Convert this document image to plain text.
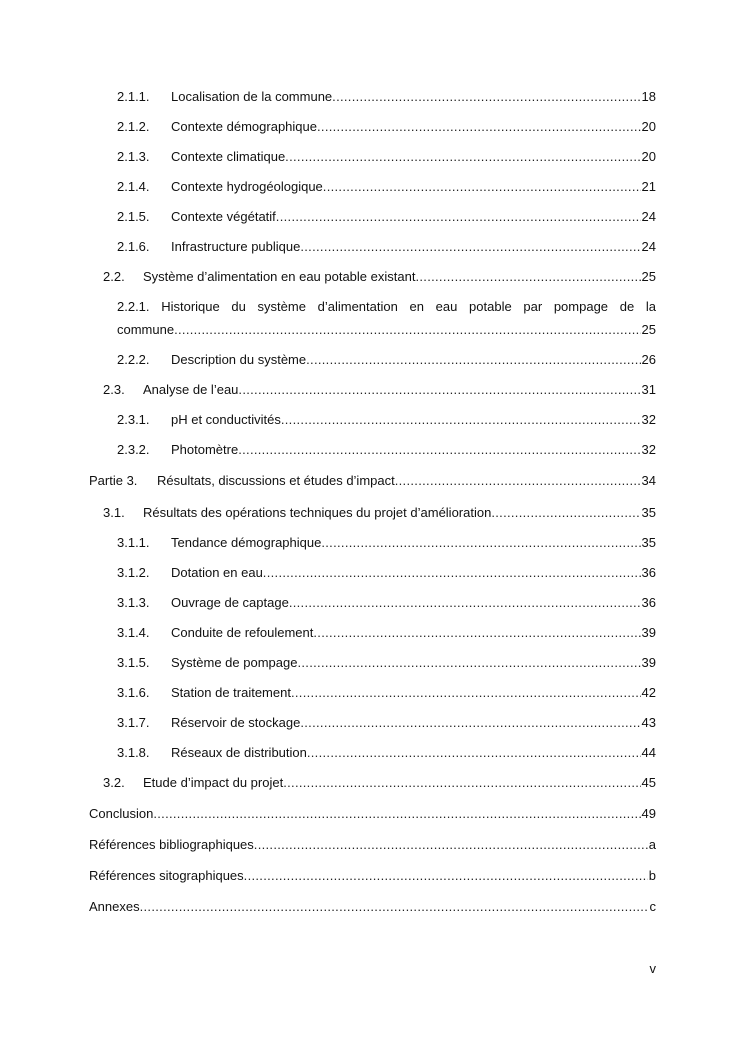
2.1.1.	Localisation de la commune .....	18
2.1.2.	Contexte démographique .....	20
2.1.3.	Contexte climatique .....	20
2.1.4.	Contexte hydrogéologique .....	21
2.1.5.	Contexte végétatif .....	24
2.1.6.	Infrastructure publique .....	24
2.2.	Système d’alimentation en eau potable existant .....	25
2.2.1. Historique du système d’alimentation en eau potable par pompage de la
commune .....	25
2.2.2.	Description du système .....	26
2.3.	Analyse de l’eau .....	31
2.3.1.	pH et conductivités .....	32
2.3.2.	Photomètre .....	32
Partie 3.	Résultats, discussions et études d’impact .....	34
3.1.	Résultats des opérations techniques du projet d’amélioration .....	35
3.1.1.	Tendance démographique .....	35
3.1.2.	Dotation en eau .....	36
3.1.3.	Ouvrage de captage .....	36
3.1.4.	Conduite de refoulement .....	39
3.1.5.	Système de pompage .....	39
3.1.6.	Station de traitement .....	42
3.1.7.	Réservoir de stockage .....	43
3.1.8.	Réseaux de distribution .....	44
3.2.	Etude d’impact du projet .....	45
Conclusion .....	49
Références bibliographiques .....	a
Références sitographiques .....	b
Annexes .....	c
v
